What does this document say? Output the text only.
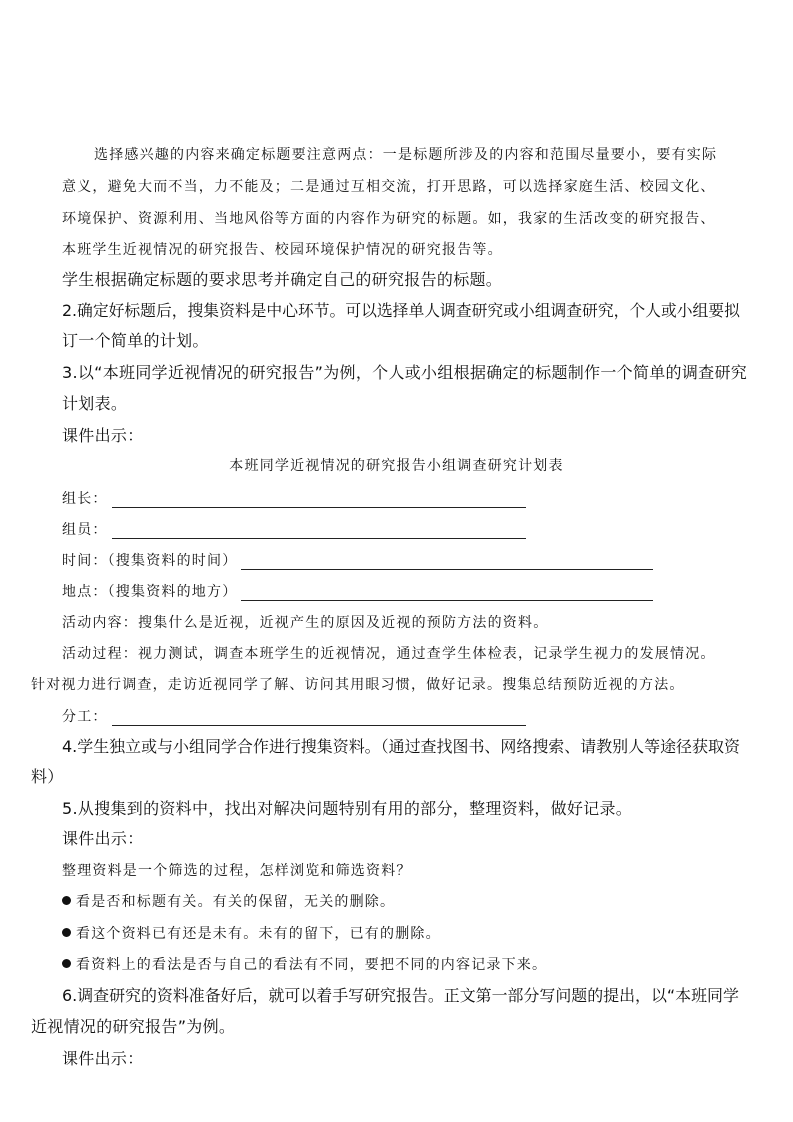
选择感兴趣的内容来确定标题要注意两点：一是标题所涉及的内容和范围尽量要小，要有实际
意义，避免大而不当，力不能及；二是通过互相交流，打开思路，可以选择家庭生活、校园文化、
环境保护、资源利用、当地风俗等方面的内容作为研究的标题。如，我家的生活改变的研究报告、
本班学生近视情况的研究报告、校园环境保护情况的研究报告等。
学生根据确定标题的要求思考并确定自己的研究报告的标题。
2.确定好标题后，搜集资料是中心环节。可以选择单人调查研究或小组调查研究，个人或小组要拟
订一个简单的计划。
3.以“本班同学近视情况的研究报告”为例，个人或小组根据确定的标题制作一个简单的调查研究
计划表。
课件出示：
本班同学近视情况的研究报告小组调查研究计划表
组长：
组员：
时间：（搜集资料的时间）
地点：（搜集资料的地方）
活动内容：搜集什么是近视，近视产生的原因及近视的预防方法的资料。
活动过程：视力测试，调查本班学生的近视情况，通过查学生体检表，记录学生视力的发展情况。
针对视力进行调查，走访近视同学了解、访问其用眼习惯，做好记录。搜集总结预防近视的方法。
分工：
4.学生独立或与小组同学合作进行搜集资料。（通过查找图书、网络搜索、请教别人等途径获取资
料）
5.从搜集到的资料中，找出对解决问题特别有用的部分，整理资料，做好记录。
课件出示：
整理资料是一个筛选的过程，怎样浏览和筛选资料？
看是否和标题有关。有关的保留，无关的删除。
看这个资料已有还是未有。未有的留下，已有的删除。
看资料上的看法是否与自己的看法有不同，要把不同的内容记录下来。
6.调查研究的资料准备好后，就可以着手写研究报告。正文第一部分写问题的提出，以“本班同学
近视情况的研究报告”为例。
课件出示：
